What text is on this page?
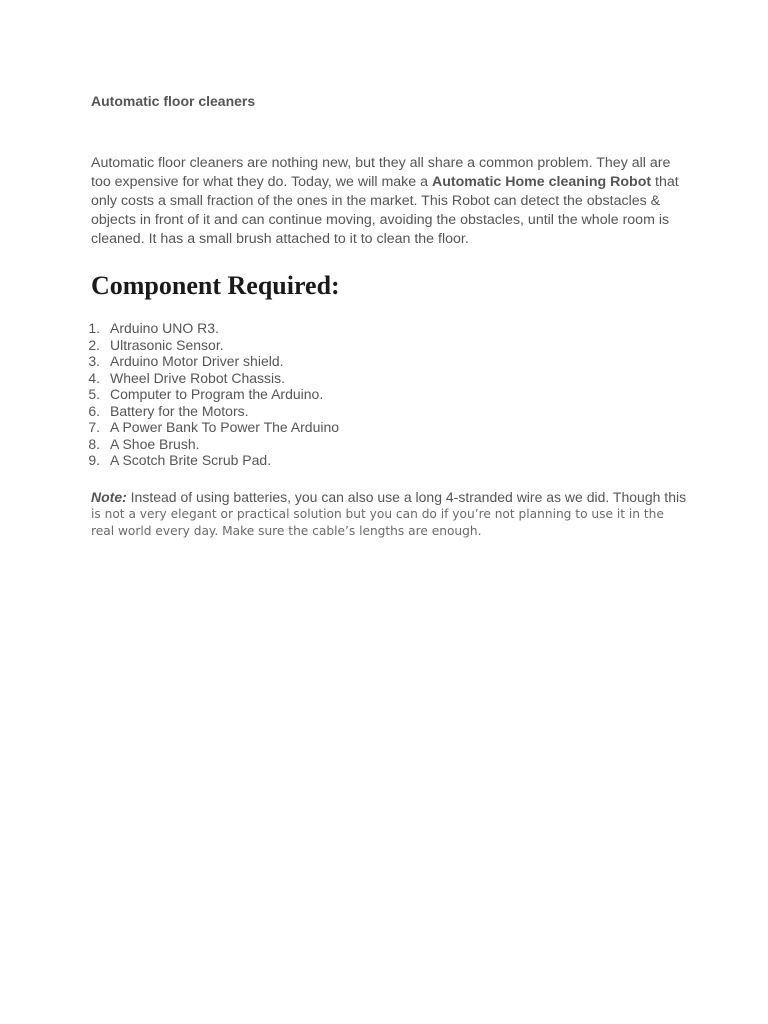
Automatic floor cleaners

Automatic floor cleaners are nothing new, but they all share a common problem. They all are too expensive for what they do. Today, we will make a Automatic Home cleaning Robot that only costs a small fraction of the ones in the market. This Robot can detect the obstacles & objects in front of it and can continue moving, avoiding the obstacles, until the whole room is cleaned. It has a small brush attached to it to clean the floor.

Component Required:
1. Arduino UNO R3.
2. Ultrasonic Sensor.
3. Arduino Motor Driver shield.
4. Wheel Drive Robot Chassis.
5. Computer to Program the Arduino.
6. Battery for the Motors.
7. A Power Bank To Power The Arduino
8. A Shoe Brush.
9. A Scotch Brite Scrub Pad.

Note: Instead of using batteries, you can also use a long 4-stranded wire as we did. Though this
is not a very elegant or practical solution but you can do if you’re not planning to use it in the real world every day. Make sure the cable’s lengths are enough.
